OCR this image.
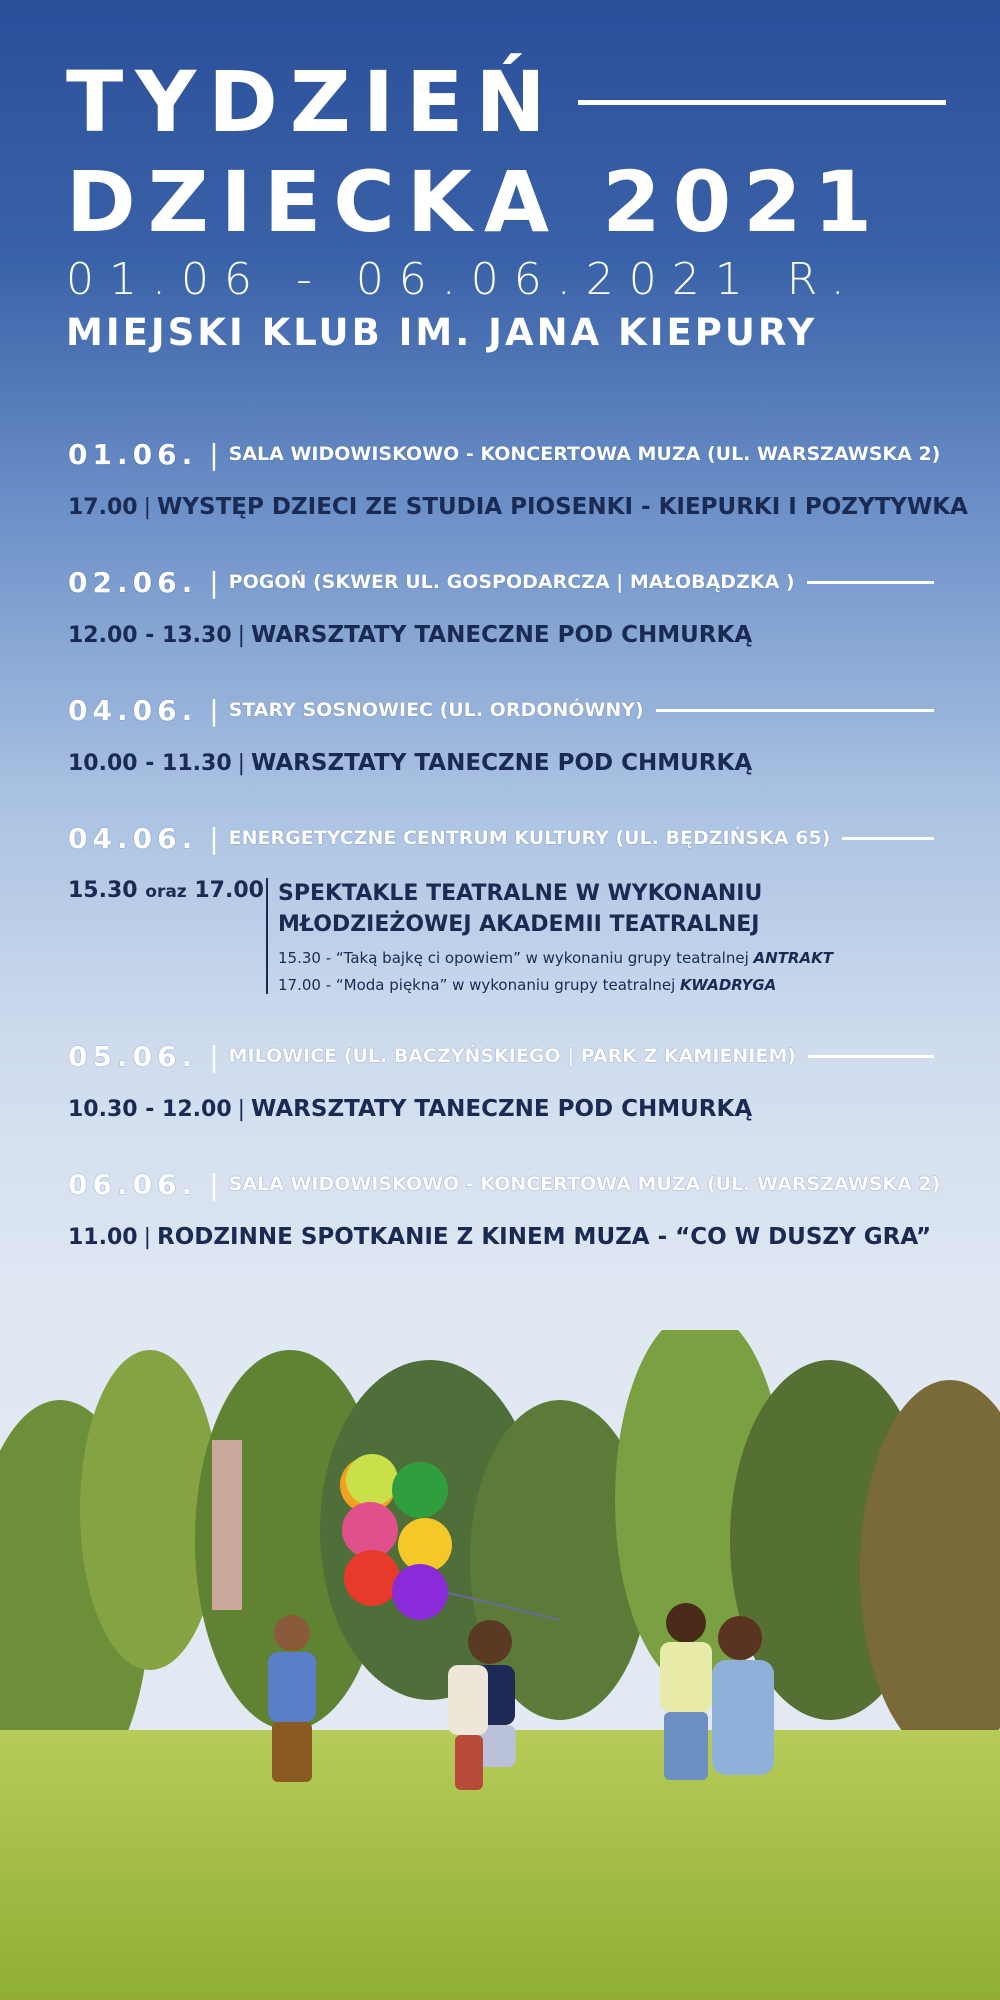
TYDZIEŃ
DZIECKA 2021
01.06 - 06.06.2021 R.
MIEJSKI KLUB IM. JANA KIEPURY
01.06. | SALA WIDOWISKOWO - KONCERTOWA MUZA (UL. WARSZAWSKA 2)
17.00 | WYSTĘP DZIECI ZE STUDIA PIOSENKI - KIEPURKI I POZYTYWKA
02.06. | POGOŃ (SKWER UL. GOSPODARCZA | MAŁOBĄDZKA )
12.00 - 13.30 | WARSZTATY TANECZNE POD CHMURKĄ
04.06. | STARY SOSNOWIEC (UL. ORDONÓWNY)
10.00 - 11.30 | WARSZTATY TANECZNE POD CHMURKĄ
04.06. | ENERGETYCZNE CENTRUM KULTURY (UL. BĘDZIŃSKA 65)
15.30 oraz 17.00 SPEKTAKLE TEATRALNE W WYKONANIU
MŁODZIEŻOWEJ AKADEMII TEATRALNEJ
15.30 - “Taką bajkę ci opowiem” w wykonaniu grupy teatralnej ANTRAKT
17.00 - “Moda piękna” w wykonaniu grupy teatralnej KWADRYGA
05.06. | MILOWICE (UL. BACZYŃSKIEGO | PARK Z KAMIENIEM)
10.30 - 12.00 | WARSZTATY TANECZNE POD CHMURKĄ
06.06. | SALA WIDOWISKOWO - KONCERTOWA MUZA (UL. WARSZAWSKA 2)
11.00 | RODZINNE SPOTKANIE Z KINEM MUZA - “CO W DUSZY GRA”
